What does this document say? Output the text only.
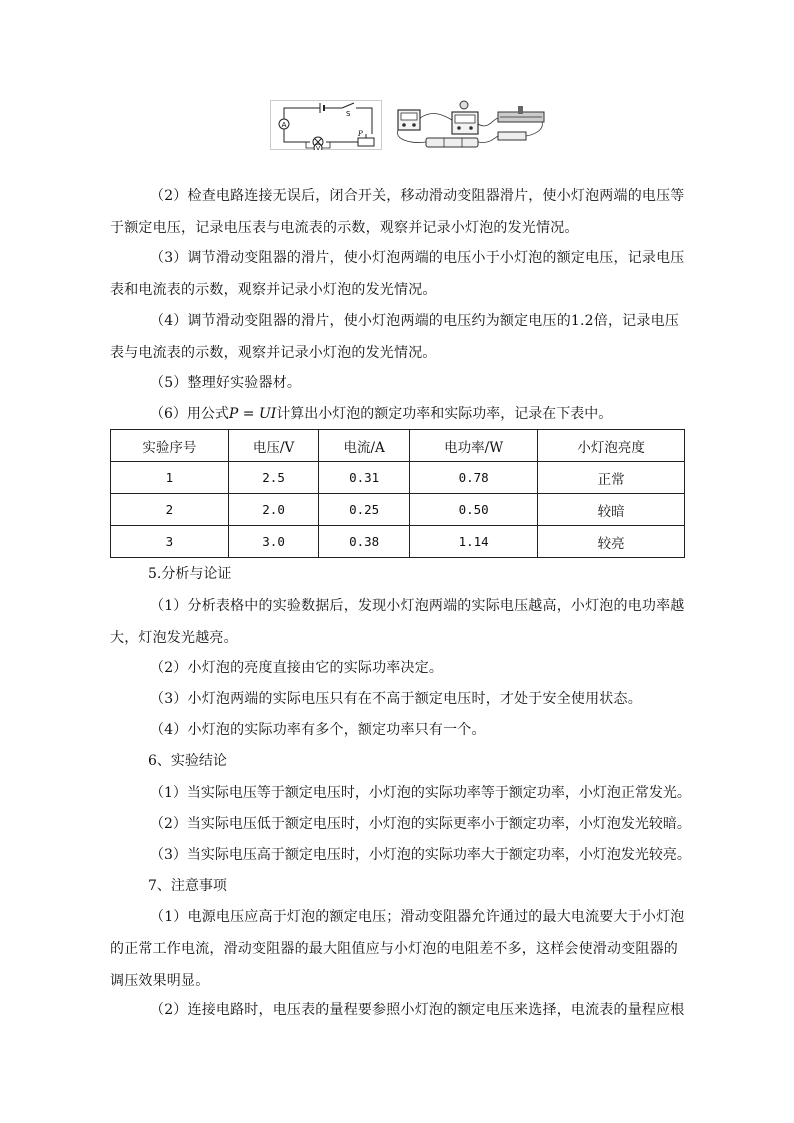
A
S
P
V
（2）检查电路连接无误后，闭合开关，移动滑动变阻器滑片，使小灯泡两端的电压等于额定电压，记录电压表与电流表的示数，观察并记录小灯泡的发光情况。
（3）调节滑动变阻器的滑片，使小灯泡两端的电压小于小灯泡的额定电压，记录电压表和电流表的示数，观察并记录小灯泡的发光情况。
（4）调节滑动变阻器的滑片，使小灯泡两端的电压约为额定电压的1.2倍，记录电压表与电流表的示数，观察并记录小灯泡的发光情况。
（5）整理好实验器材。
（6）用公式P = UI计算出小灯泡的额定功率和实际功率，记录在下表中。
实验序号	电压/V	电流/A	电功率/W	小灯泡亮度
1	2.5	0.31	0.78	正常
2	2.0	0.25	0.50	较暗
3	3.0	0.38	1.14	较亮
5.分析与论证
（1）分析表格中的实验数据后，发现小灯泡两端的实际电压越高，小灯泡的电功率越大，灯泡发光越亮。
（2）小灯泡的亮度直接由它的实际功率决定。
（3）小灯泡两端的实际电压只有在不高于额定电压时，才处于安全使用状态。
（4）小灯泡的实际功率有多个，额定功率只有一个。
6、实验结论
（1）当实际电压等于额定电压时，小灯泡的实际功率等于额定功率，小灯泡正常发光。
（2）当实际电压低于额定电压时，小灯泡的实际更率小于额定功率，小灯泡发光较暗。
（3）当实际电压高于额定电压时，小灯泡的实际功率大于额定功率，小灯泡发光较亮。
7、注意事项
（1）电源电压应高于灯泡的额定电压；滑动变阻器允许通过的最大电流要大于小灯泡的正常工作电流，滑动变阻器的最大阻值应与小灯泡的电阻差不多，这样会使滑动变阻器的调压效果明显。
（2）连接电路时，电压表的量程要参照小灯泡的额定电压来选择，电流表的量程应根
